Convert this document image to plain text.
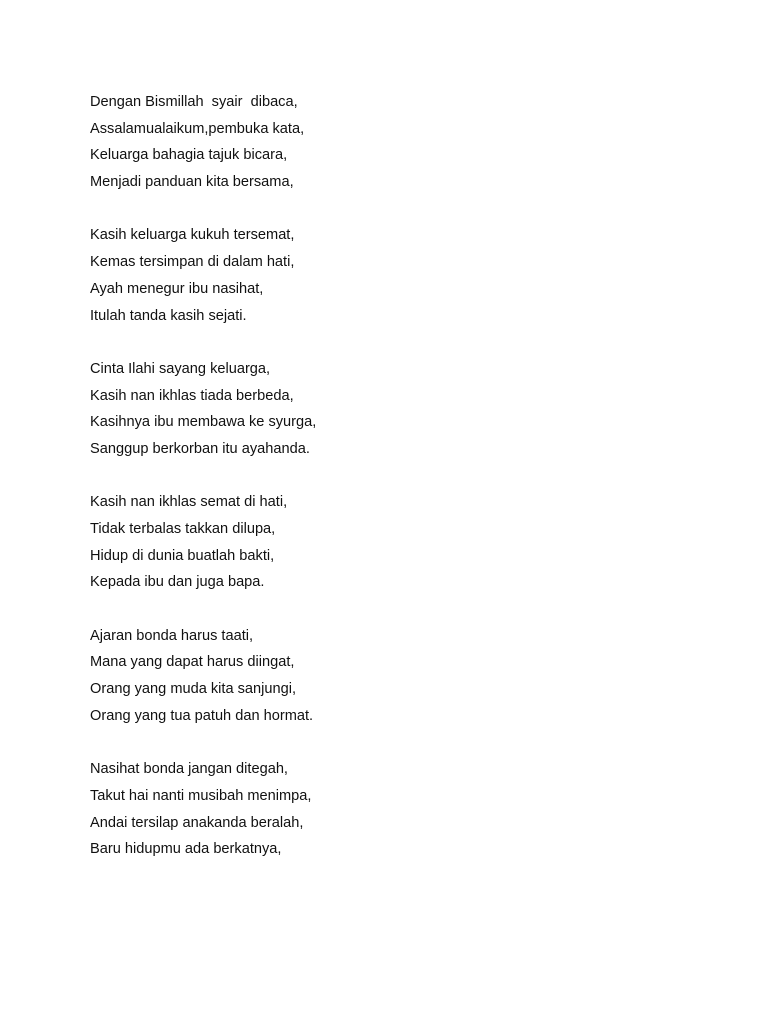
Dengan Bismillah  syair  dibaca,
Assalamualaikum,pembuka kata,
Keluarga bahagia tajuk bicara,
Menjadi panduan kita bersama,
Kasih keluarga kukuh tersemat,
Kemas tersimpan di dalam hati,
Ayah menegur ibu nasihat,
Itulah tanda kasih sejati.
Cinta Ilahi sayang keluarga,
Kasih nan ikhlas tiada berbeda,
Kasihnya ibu membawa ke syurga,
Sanggup berkorban itu ayahanda.
Kasih nan ikhlas semat di hati,
Tidak terbalas takkan dilupa,
Hidup di dunia buatlah bakti,
Kepada ibu dan juga bapa.
Ajaran bonda harus taati,
Mana yang dapat harus diingat,
Orang yang muda kita sanjungi,
Orang yang tua patuh dan hormat.
Nasihat bonda jangan ditegah,
Takut hai nanti musibah menimpa,
Andai tersilap anakanda beralah,
Baru hidupmu ada berkatnya,
